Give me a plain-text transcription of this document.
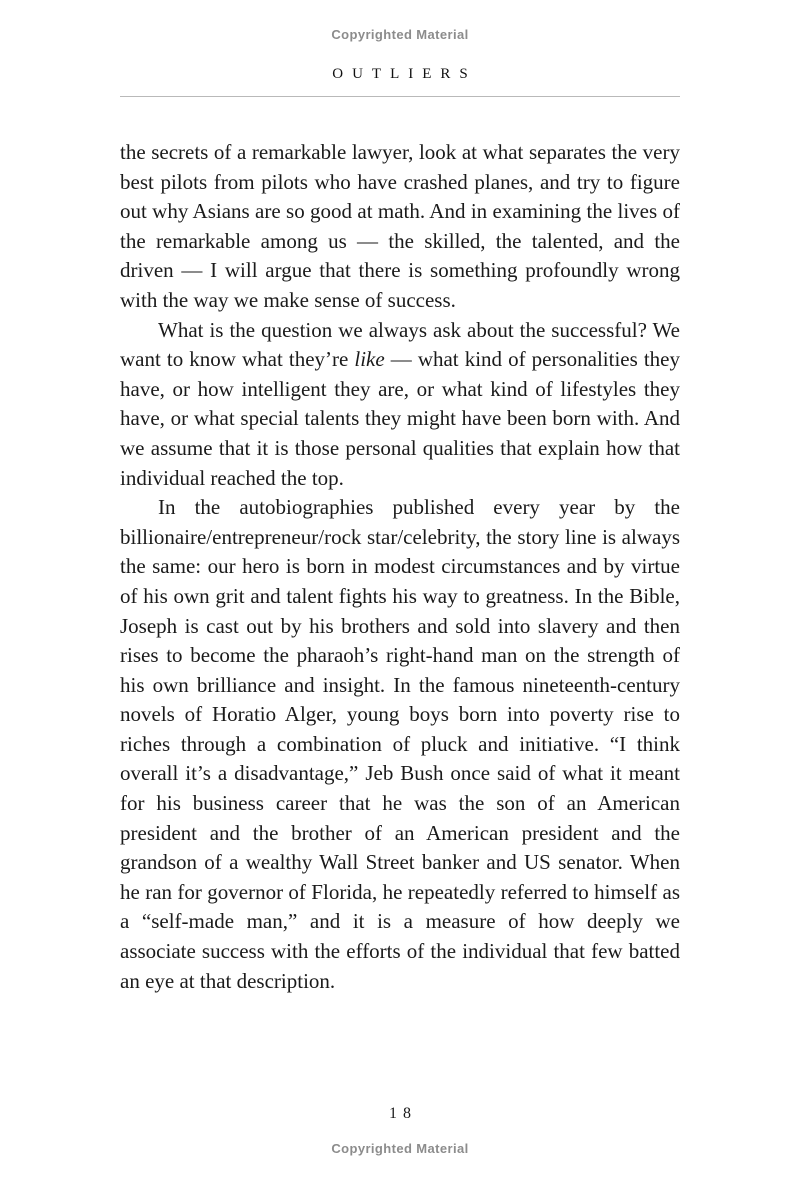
Copyrighted Material
OUTLIERS

the secrets of a remarkable lawyer, look at what separates the very best pilots from pilots who have crashed planes, and try to figure out why Asians are so good at math. And in examining the lives of the remarkable among us — the skilled, the talented, and the driven — I will argue that there is something profoundly wrong with the way we make sense of success.

What is the question we always ask about the successful? We want to know what they’re like — what kind of personalities they have, or how intelligent they are, or what kind of lifestyles they have, or what special talents they might have been born with. And we assume that it is those personal qualities that explain how that individual reached the top.

In the autobiographies published every year by the billionaire/entrepreneur/rock star/celebrity, the story line is always the same: our hero is born in modest circumstances and by virtue of his own grit and talent fights his way to greatness. In the Bible, Joseph is cast out by his brothers and sold into slavery and then rises to become the pharaoh’s right-hand man on the strength of his own brilliance and insight. In the famous nineteenth-century novels of Horatio Alger, young boys born into poverty rise to riches through a combination of pluck and initiative. “I think overall it’s a disadvantage,” Jeb Bush once said of what it meant for his business career that he was the son of an American president and the brother of an American president and the grandson of a wealthy Wall Street banker and US senator. When he ran for governor of Florida, he repeatedly referred to himself as a “self-made man,” and it is a measure of how deeply we associate success with the efforts of the individual that few batted an eye at that description.

18
Copyrighted Material
